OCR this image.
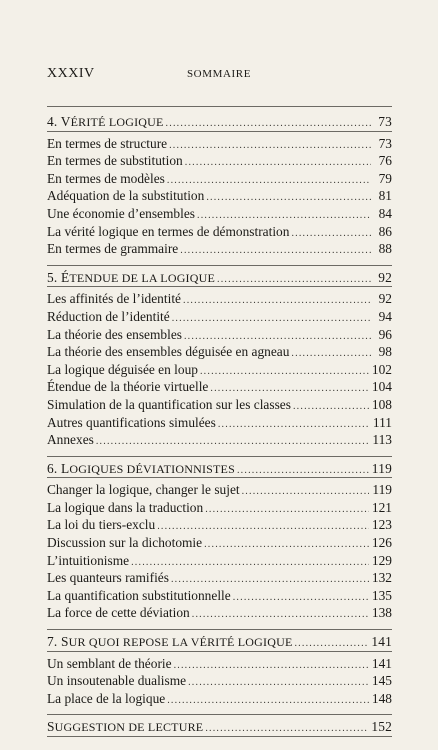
XXXIV	SOMMAIRE
4. V ÉRITÉ LOGIQUE .....	73
En termes de structure .....	73
En termes de substitution .....	76
En termes de modèles .....	79
Adéquation de la substitution .....	81
Une économie d’ensembles .....	84
La vérité logique en termes de démonstration .....	86
En termes de grammaire .....	88
5. É TENDUE DE LA LOGIQUE .....	92
Les affinités de l’identité .....	92
Réduction de l’identité .....	94
La théorie des ensembles .....	96
La théorie des ensembles déguisée en agneau .....	98
La logique déguisée en loup .....	102
Étendue de la théorie virtuelle .....	104
Simulation de la quantification sur les classes .....	108
Autres quantifications simulées .....	111
Annexes .....	113
6. L OGIQUES DÉVIATIONNISTES .....	119
Changer la logique, changer le sujet .....	119
La logique dans la traduction .....	121
La loi du tiers-exclu .....	123
Discussion sur la dichotomie .....	126
L’intuitionisme .....	129
Les quanteurs ramifiés .....	132
La quantification substitutionnelle .....	135
La force de cette déviation .....	138
7. S UR QUOI REPOSE LA VÉRITÉ LOGIQUE .....	141
Un semblant de théorie .....	141
Un insoutenable dualisme .....	145
La place de la logique .....	148
S UGGESTION DE LECTURE .....	152
